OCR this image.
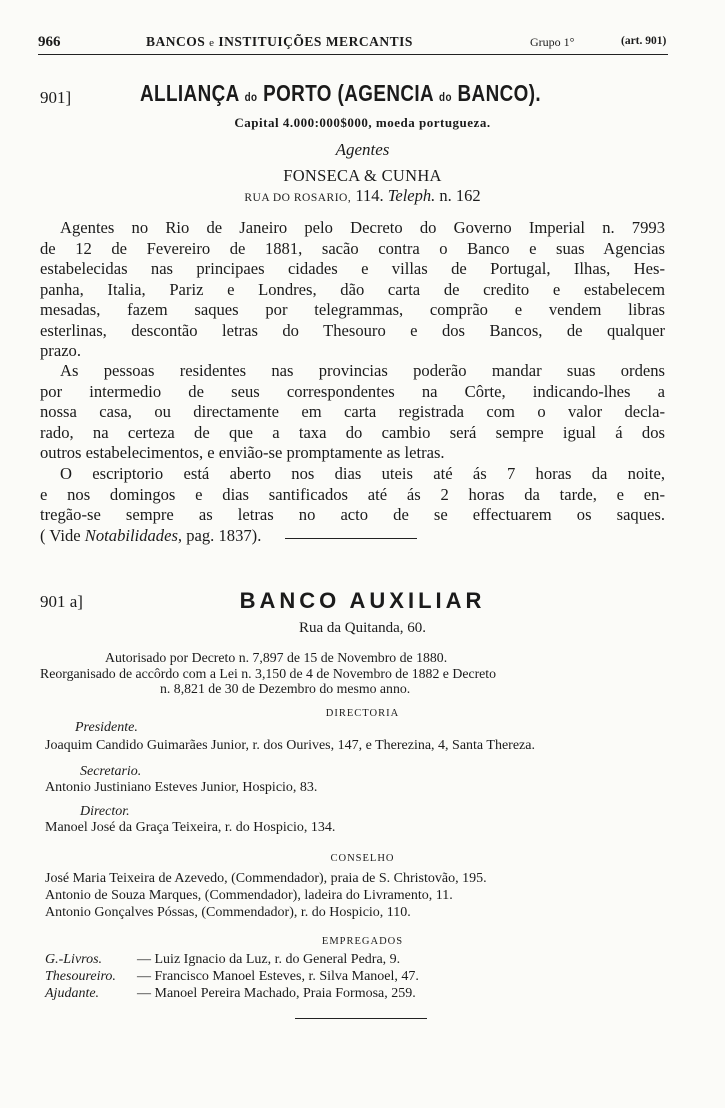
966	BANCOS e INSTITUIÇÕES MERCANTIS	Grupo 1°	(art. 901)
901]	ALLIANÇA do PORTO (AGENCIA do BANCO).
Capital 4.000:000$000, moeda portugueza.
Agentes
FONSECA & CUNHA
RUA DO ROSARIO, 114. Teleph. n. 162
Agentes no Rio de Janeiro pelo Decreto do Governo Imperial n. 7993
de 12 de Fevereiro de 1881, sacão contra o Banco e suas Agencias
estabelecidas nas principaes cidades e villas de Portugal, Ilhas, Hes-
panha, Italia, Pariz e Londres, dão carta de credito e estabelecem
mesadas, fazem saques por telegrammas, comprão e vendem libras
esterlinas, descontão letras do Thesouro e dos Bancos, de qualquer
prazo.
As pessoas residentes nas provincias poderão mandar suas ordens
por intermedio de seus correspondentes na Côrte, indicando-lhes a
nossa casa, ou directamente em carta registrada com o valor decla-
rado, na certeza de que a taxa do cambio será sempre igual á dos
outros estabelecimentos, e envião-se promptamente as letras.
O escriptorio está aberto nos dias uteis até ás 7 horas da noite,
e nos domingos e dias santificados até ás 2 horas da tarde, e en-
tregão-se sempre as letras no acto de se effectuarem os saques.
( Vide Notabilidades, pag. 1837).
901 a]	BANCO AUXILIAR
Rua da Quitanda, 60.
Autorisado por Decreto n. 7,897 de 15 de Novembro de 1880.
Reorganisado de accôrdo com a Lei n. 3,150 de 4 de Novembro de 1882 e Decreto
n. 8,821 de 30 de Dezembro do mesmo anno.
DIRECTORIA
Presidente.
Joaquim Candido Guimarães Junior, r. dos Ourives, 147, e Therezina, 4, Santa Thereza.
Secretario.
Antonio Justiniano Esteves Junior, Hospicio, 83.
Director.
Manoel José da Graça Teixeira, r. do Hospicio, 134.
CONSELHO
José Maria Teixeira de Azevedo, (Commendador), praia de S. Christovão, 195.
Antonio de Souza Marques, (Commendador), ladeira do Livramento, 11.
Antonio Gonçalves Póssas, (Commendador), r. do Hospicio, 110.
EMPREGADOS
G.-Livros. — Luiz Ignacio da Luz, r. do General Pedra, 9.
Thesoureiro. — Francisco Manoel Esteves, r. Silva Manoel, 47.
Ajudante.	— Manoel Pereira Machado, Praia Formosa, 259.
